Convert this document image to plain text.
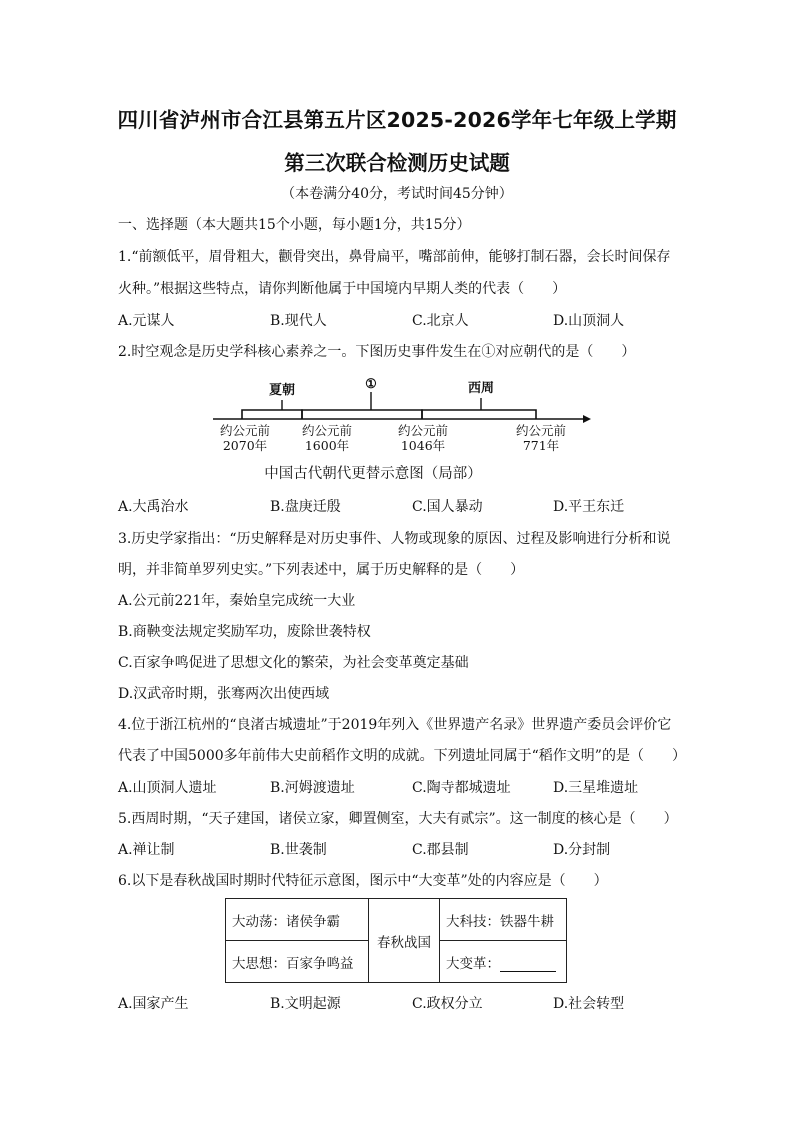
四川省泸州市合江县第五片区2025-2026学年七年级上学期
第三次联合检测历史试题
（本卷满分40分，考试时间45分钟）
一、选择题（本大题共15个小题，每小题1分，共15分）
1.“前额低平，眉骨粗大，颧骨突出，鼻骨扁平，嘴部前伸，能够打制石器，会长时间保存
火种。”根据这些特点，请你判断他属于中国境内早期人类的代表（　　）
A.元谋人	B.现代人	C.北京人	D.山顶洞人
2.时空观念是历史学科核心素养之一。下图历史事件发生在①对应朝代的是（　　）
夏朝	①	西周
约公元前
2070年
约公元前
1600年
约公元前
1046年
约公元前
771年
中国古代朝代更替示意图（局部）
A.大禹治水	B.盘庚迁殷	C.国人暴动	D.平王东迁
3.历史学家指出：“历史解释是对历史事件、人物或现象的原因、过程及影响进行分析和说
明，并非简单罗列史实。”下列表述中，属于历史解释的是（　　）
A.公元前221年，秦始皇完成统一大业
B.商鞅变法规定奖励军功，废除世袭特权
C.百家争鸣促进了思想文化的繁荣，为社会变革奠定基础
D.汉武帝时期，张骞两次出使西域
4.位于浙江杭州的“良渚古城遗址”于2019年列入《世界遗产名录》世界遗产委员会评价它
代表了中国5000多年前伟大史前稻作文明的成就。下列遗址同属于“稻作文明”的是（　　）
A.山顶洞人遗址	B.河姆渡遗址	C.陶寺都城遗址	D.三星堆遗址
5.西周时期，“天子建国，诸侯立家，卿置侧室，大夫有贰宗”。这一制度的核心是（　　）
A.禅让制	B.世袭制	C.郡县制	D.分封制
6.以下是春秋战国时期时代特征示意图，图示中“大变革”处的内容应是（　　）
大动荡：诸侯争霸	春秋战国	大科技：铁器牛耕
大思想：百家争鸣益		大变革：
A.国家产生	B.文明起源	C.政权分立	D.社会转型
